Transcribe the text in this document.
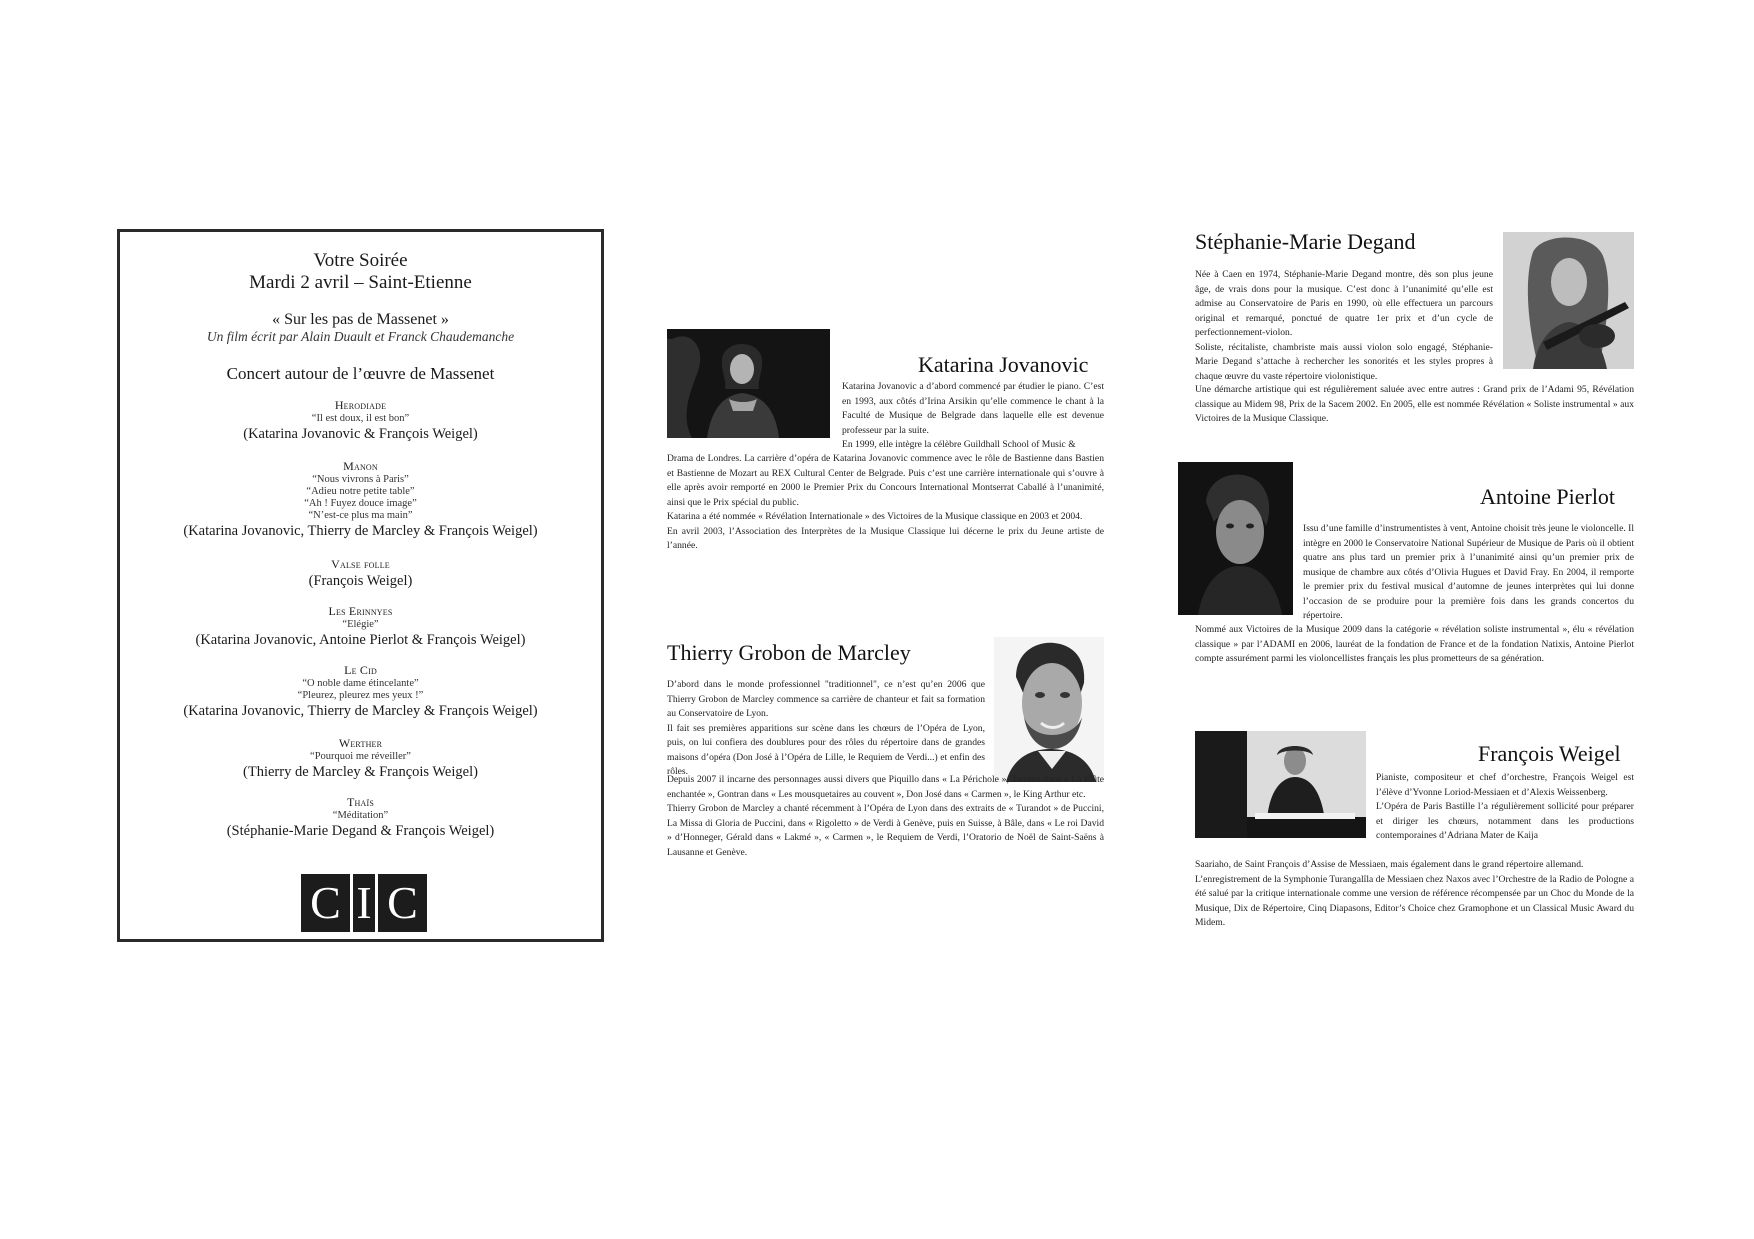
Votre Soirée
Mardi 2 avril – Saint-Etienne
« Sur les pas de Massenet »
Un film écrit par Alain Duault et Franck Chaudemanche
Concert autour de l’œuvre de Massenet
Herodiade
“Il est doux, il est bon”
(Katarina Jovanovic & François Weigel)
Manon
“Nous vivrons à Paris”
“Adieu notre petite table”
“Ah ! Fuyez douce image”
“N’est-ce plus ma main”
(Katarina Jovanovic, Thierry de Marcley & François Weigel)
Valse folle
(François Weigel)
Les Erinnyes
“Elégie”
(Katarina Jovanovic, Antoine Pierlot & François Weigel)
Le Cid
“O noble dame étincelante”
“Pleurez, pleurez mes yeux !”
(Katarina Jovanovic, Thierry de Marcley & François Weigel)
Werther
“Pourquoi me réveiller”
(Thierry de Marcley & François Weigel)
Thaïs
“Méditation”
(Stéphanie-Marie Degand & François Weigel)
C I C
Katarina Jovanovic

Katarina Jovanovic a d’abord commencé par étudier le piano. C’est en 1993, aux côtés d’Irina Arsikin qu’elle commence le chant à la Faculté de Musique de Belgrade dans laquelle elle est devenue professeur par la suite.

En 1999, elle intègre la célèbre Guildhall School of Music &

Drama de Londres. La carrière d’opéra de Katarina Jovanovic commence avec le rôle de Bastienne dans Bastien et Bastienne de Mozart au REX Cultural Center de Belgrade. Puis c’est une carrière internationale qui s’ouvre à elle après avoir remporté en 2000 le Premier Prix du Concours International Montserrat Caballé à l’unanimité, ainsi que le Prix spécial du public.

Katarina a été nommée « Révélation Internationale » des Victoires de la Musique classique en 2003 et 2004.

En avril 2003, l’Association des Interprètes de la Musique Classique lui décerne le prix du Jeune artiste de l’année.

Thierry Grobon de Marcley

D’abord dans le monde professionnel "traditionnel", ce n’est qu’en 2006 que Thierry Grobon de Marcley commence sa carrière de chanteur et fait sa formation au Conservatoire de Lyon.

Il fait ses premières apparitions sur scène dans les chœurs de l’Opéra de Lyon, puis, on lui confiera des doublures pour des rôles du répertoire dans de grandes maisons d’opéra (Don José à l’Opéra de Lille, le Requiem de Verdi...) et enfin des rôles.

Depuis 2007 il incarne des personnages aussi divers que Piquillo dans « La Périchole », Tamino dans « La Flûte enchantée », Gontran dans « Les mousquetaires au couvent », Don José dans « Carmen », le King Arthur etc.

Thierry Grobon de Marcley a chanté récemment à l’Opéra de Lyon dans des extraits de « Turandot » de Puccini, La Missa di Gloria de Puccini, dans « Rigoletto » de Verdi à Genève, puis en Suisse, à Bâle, dans « Le roi David » d’Honneger, Gérald dans « Lakmé », « Carmen », le Requiem de Verdi, l’Oratorio de Noël de Saint-Saëns à Lausanne et Genève.

Stéphanie-Marie Degand

Née à Caen en 1974, Stéphanie-Marie Degand montre, dès son plus jeune âge, de vrais dons pour la musique. C’est donc à l’unanimité qu’elle est admise au Conservatoire de Paris en 1990, où elle effectuera un parcours original et remarqué, ponctué de quatre 1er prix et d’un cycle de perfectionnement-violon.

Soliste, récitaliste, chambriste mais aussi violon solo engagé, Stéphanie-Marie Degand s’attache à rechercher les sonorités et les styles propres à chaque œuvre du vaste répertoire violonistique.

Une démarche artistique qui est régulièrement saluée avec entre autres : Grand prix de l’Adami 95, Révélation classique au Midem 98, Prix de la Sacem 2002. En 2005, elle est nommée Révélation « Soliste instrumental » aux Victoires de la Musique Classique.

Antoine Pierlot

Issu d’une famille d’instrumentistes à vent, Antoine choisit très jeune le violoncelle. Il intègre en 2000 le Conservatoire National Supérieur de Musique de Paris où il obtient quatre ans plus tard un premier prix à l’unanimité ainsi qu’un premier prix de musique de chambre aux côtés d’Olivia Hugues et David Fray. En 2004, il remporte le premier prix du festival musical d’automne de jeunes interprètes qui lui donne l’occasion de se produire pour la première fois dans les grands concertos du répertoire.

Nommé aux Victoires de la Musique 2009 dans la catégorie « révélation soliste instrumental », élu « révélation classique » par l’ADAMI en 2006, lauréat de la fondation de France et de la fondation Natixis, Antoine Pierlot compte assurément parmi les violoncellistes français les plus prometteurs de sa génération.

François Weigel

Pianiste, compositeur et chef d’orchestre, François Weigel est l’élève d’Yvonne Loriod-Messiaen et d’Alexis Weissenberg.

L’Opéra de Paris Bastille l’a régulièrement sollicité pour préparer et diriger les chœurs, notamment dans les productions contemporaines d’Adriana Mater de Kaija

Saariaho, de Saint François d’Assise de Messiaen, mais également dans le grand répertoire allemand.

L’enregistrement de la Symphonie Turangalîla de Messiaen chez Naxos avec l’Orchestre de la Radio de Pologne a été salué par la critique internationale comme une version de référence récompensée par un Choc du Monde de la Musique, Dix de Répertoire, Cinq Diapasons, Editor’s Choice chez Gramophone et un Classical Music Award du Midem.
